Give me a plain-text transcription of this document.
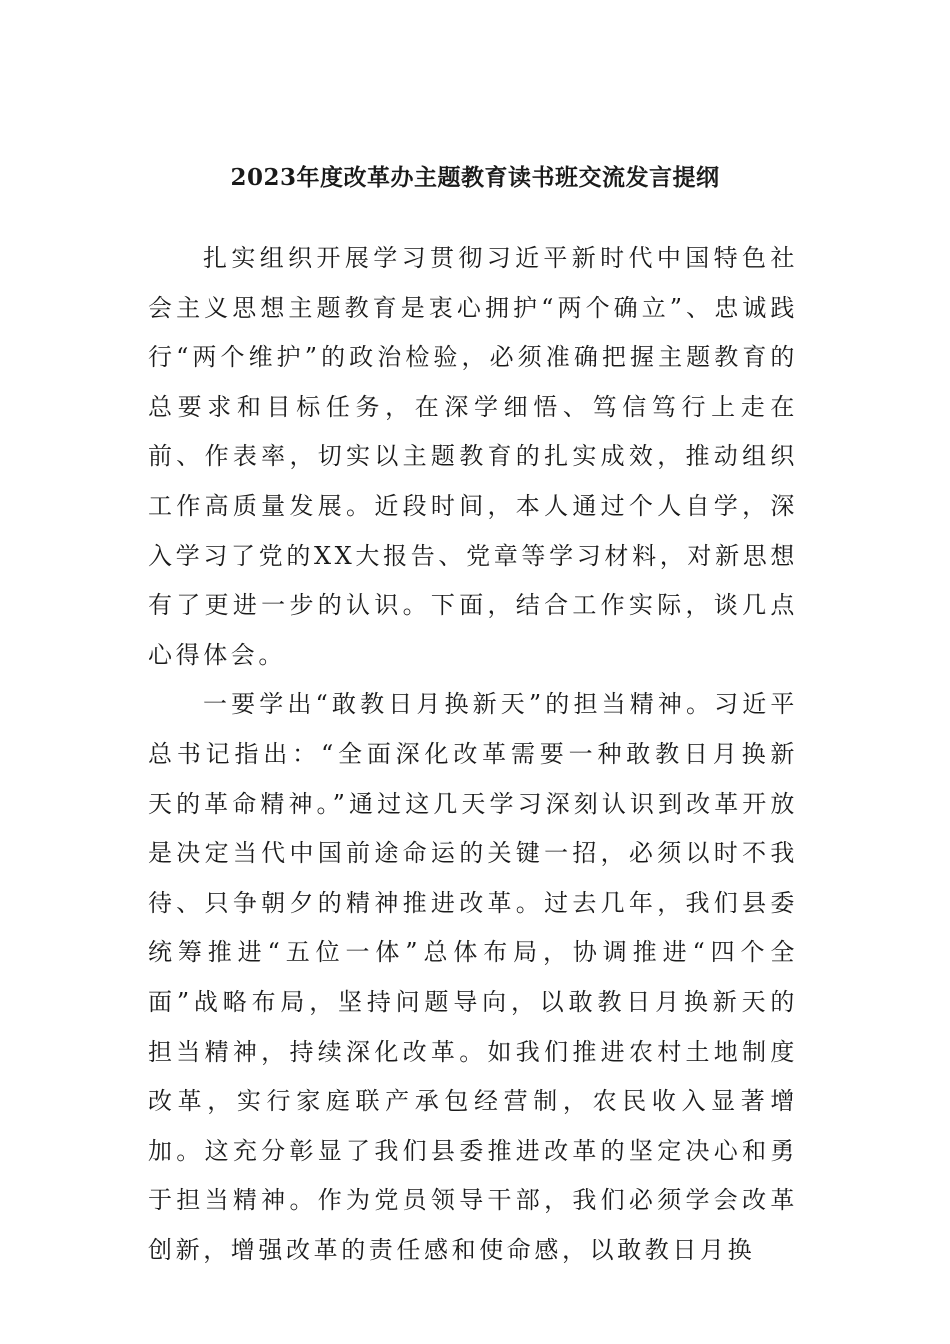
2023年度改革办主题教育读书班交流发言提纲

扎实组织开展学习贯彻习近平新时代中国特色社会主义思想主题教育是衷心拥护“两个确立”、忠诚践行“两个维护”的政治检验，必须准确把握主题教育的总要求和目标任务，在深学细悟、笃信笃行上走在前、作表率，切实以主题教育的扎实成效，推动组织工作高质量发展。近段时间，本人通过个人自学，深入学习了党的XX大报告、党章等学习材料，对新思想有了更进一步的认识。下面，结合工作实际，谈几点心得体会。

一要学出“敢教日月换新天”的担当精神。习近平总书记指出：“全面深化改革需要一种敢教日月换新天的革命精神。”通过这几天学习深刻认识到改革开放是决定当代中国前途命运的关键一招，必须以时不我待、只争朝夕的精神推进改革。过去几年，我们县委统筹推进“五位一体”总体布局，协调推进“四个全面”战略布局，坚持问题导向，以敢教日月换新天的担当精神，持续深化改革。如我们推进农村土地制度改革，实行家庭联产承包经营制，农民收入显著增加。这充分彰显了我们县委推进改革的坚定决心和勇于担当精神。作为党员领导干部，我们必须学会改革创新，增强改革的责任感和使命感，以敢教日月换
